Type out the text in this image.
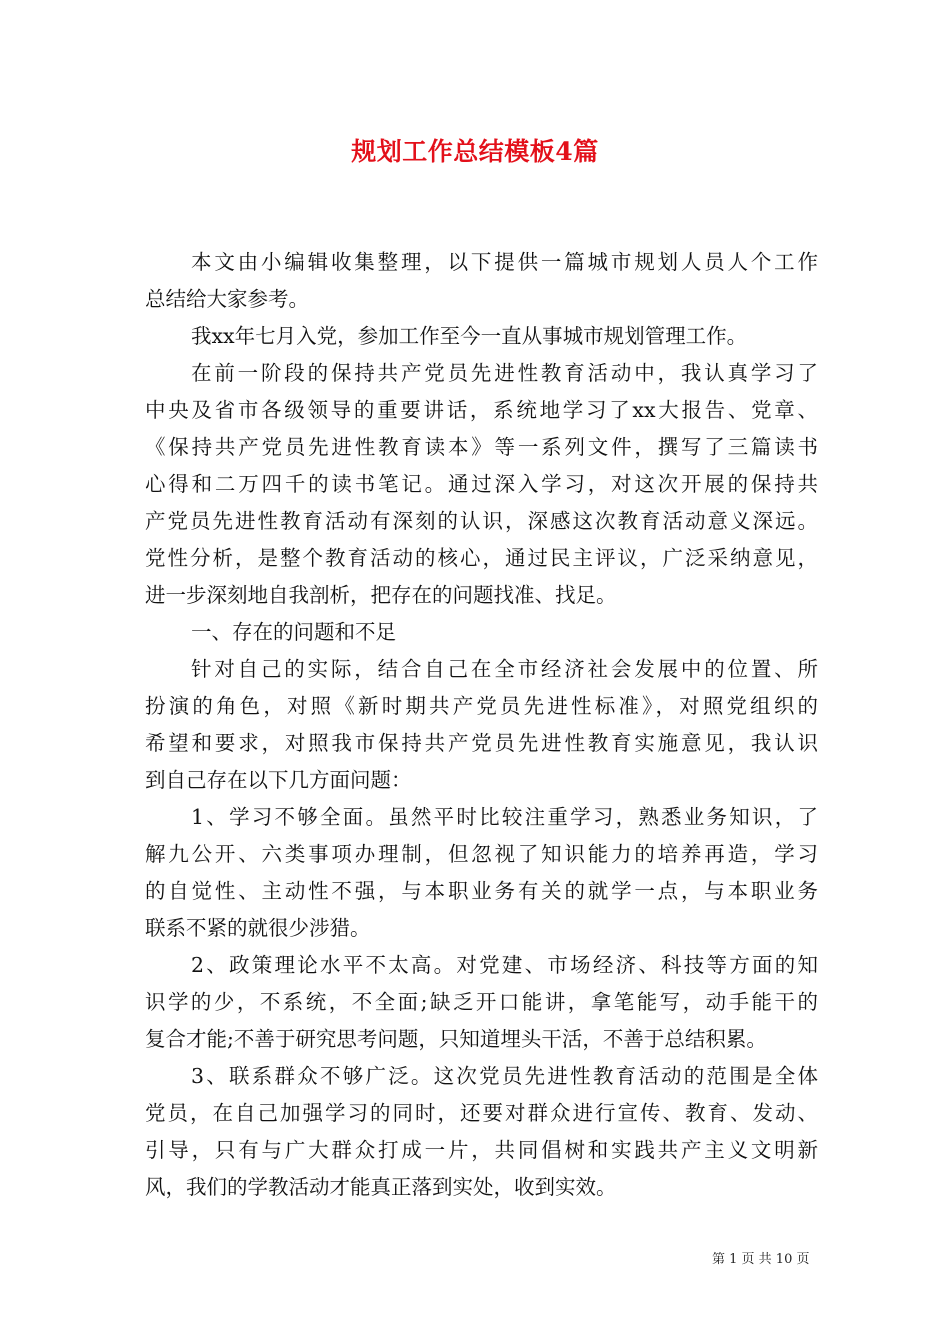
规划工作总结模板4篇
本文由小编辑收集整理，以下提供一篇城市规划人员人个工作
总结给大家参考。
我xx年七月入党，参加工作至今一直从事城市规划管理工作。
在前一阶段的保持共产党员先进性教育活动中，我认真学习了
中央及省市各级领导的重要讲话，系统地学习了xx大报告、党章、
《保持共产党员先进性教育读本》等一系列文件，撰写了三篇读书
心得和二万四千的读书笔记。通过深入学习，对这次开展的保持共
产党员先进性教育活动有深刻的认识，深感这次教育活动意义深远。
党性分析，是整个教育活动的核心，通过民主评议，广泛采纳意见，
进一步深刻地自我剖析，把存在的问题找准、找足。
一、存在的问题和不足
针对自己的实际，结合自己在全市经济社会发展中的位置、所
扮演的角色，对照《新时期共产党员先进性标准》，对照党组织的
希望和要求，对照我市保持共产党员先进性教育实施意见，我认识
到自己存在以下几方面问题：
1、学习不够全面。虽然平时比较注重学习，熟悉业务知识，了
解九公开、六类事项办理制，但忽视了知识能力的培养再造，学习
的自觉性、主动性不强，与本职业务有关的就学一点，与本职业务
联系不紧的就很少涉猎。
2、政策理论水平不太高。对党建、市场经济、科技等方面的知
识学的少，不系统，不全面;缺乏开口能讲，拿笔能写，动手能干的
复合才能;不善于研究思考问题，只知道埋头干活，不善于总结积累。
3、联系群众不够广泛。这次党员先进性教育活动的范围是全体
党员，在自己加强学习的同时，还要对群众进行宣传、教育、发动、
引导，只有与广大群众打成一片，共同倡树和实践共产主义文明新
风，我们的学教活动才能真正落到实处，收到实效。
第 1 页 共 10 页
